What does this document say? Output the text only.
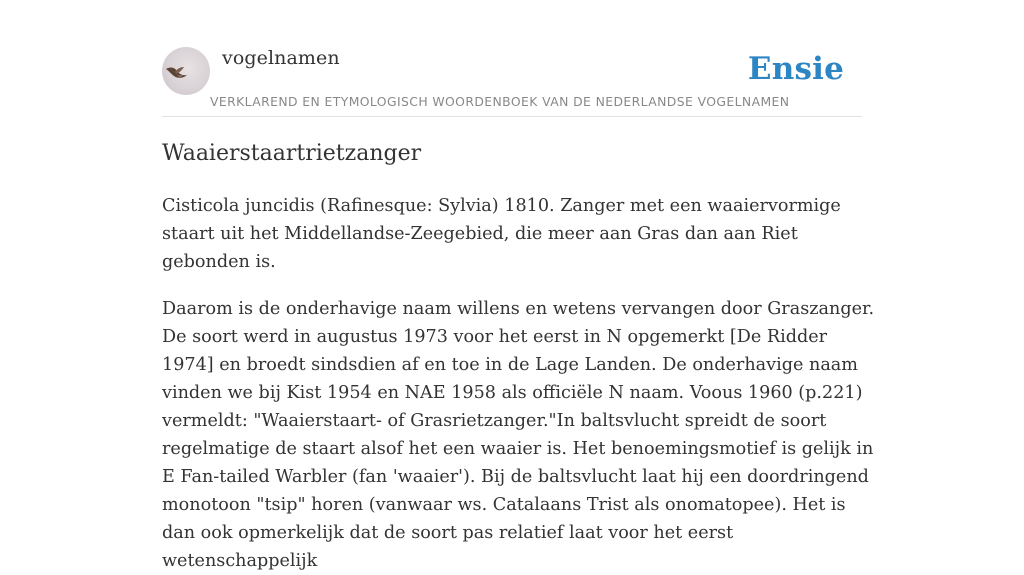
vogelnamen	Ensie
VERKLAREND EN ETYMOLOGISCH WOORDENBOEK VAN DE NEDERLANDSE VOGELNAMEN
Waaierstaartrietzanger

Cisticola juncidis (Rafinesque: Sylvia) 1810. Zanger met een waaiervormige staart uit het Middellandse-Zeegebied, die meer aan Gras dan aan Riet gebonden is.

Daarom is de onderhavige naam willens en wetens vervangen door Graszanger. De soort werd in augustus 1973 voor het eerst in N opgemerkt [De Ridder 1974] en broedt sindsdien af en toe in de Lage Landen. De onderhavige naam vinden we bij Kist 1954 en NAE 1958 als officiële N naam. Voous 1960 (p.221) vermeldt: "Waaierstaart- of Grasrietzanger."In baltsvlucht spreidt de soort regelmatige de staart alsof het een waaier is. Het benoemingsmotief is gelijk in E Fan-tailed Warbler (fan 'waaier'). Bij de baltsvlucht laat hij een doordringend monotoon "tsip" horen (vanwaar ws. Catalaans Trist als onomatopee). Het is dan ook opmerkelijk dat de soort pas relatief laat voor het eerst wetenschappelijk
